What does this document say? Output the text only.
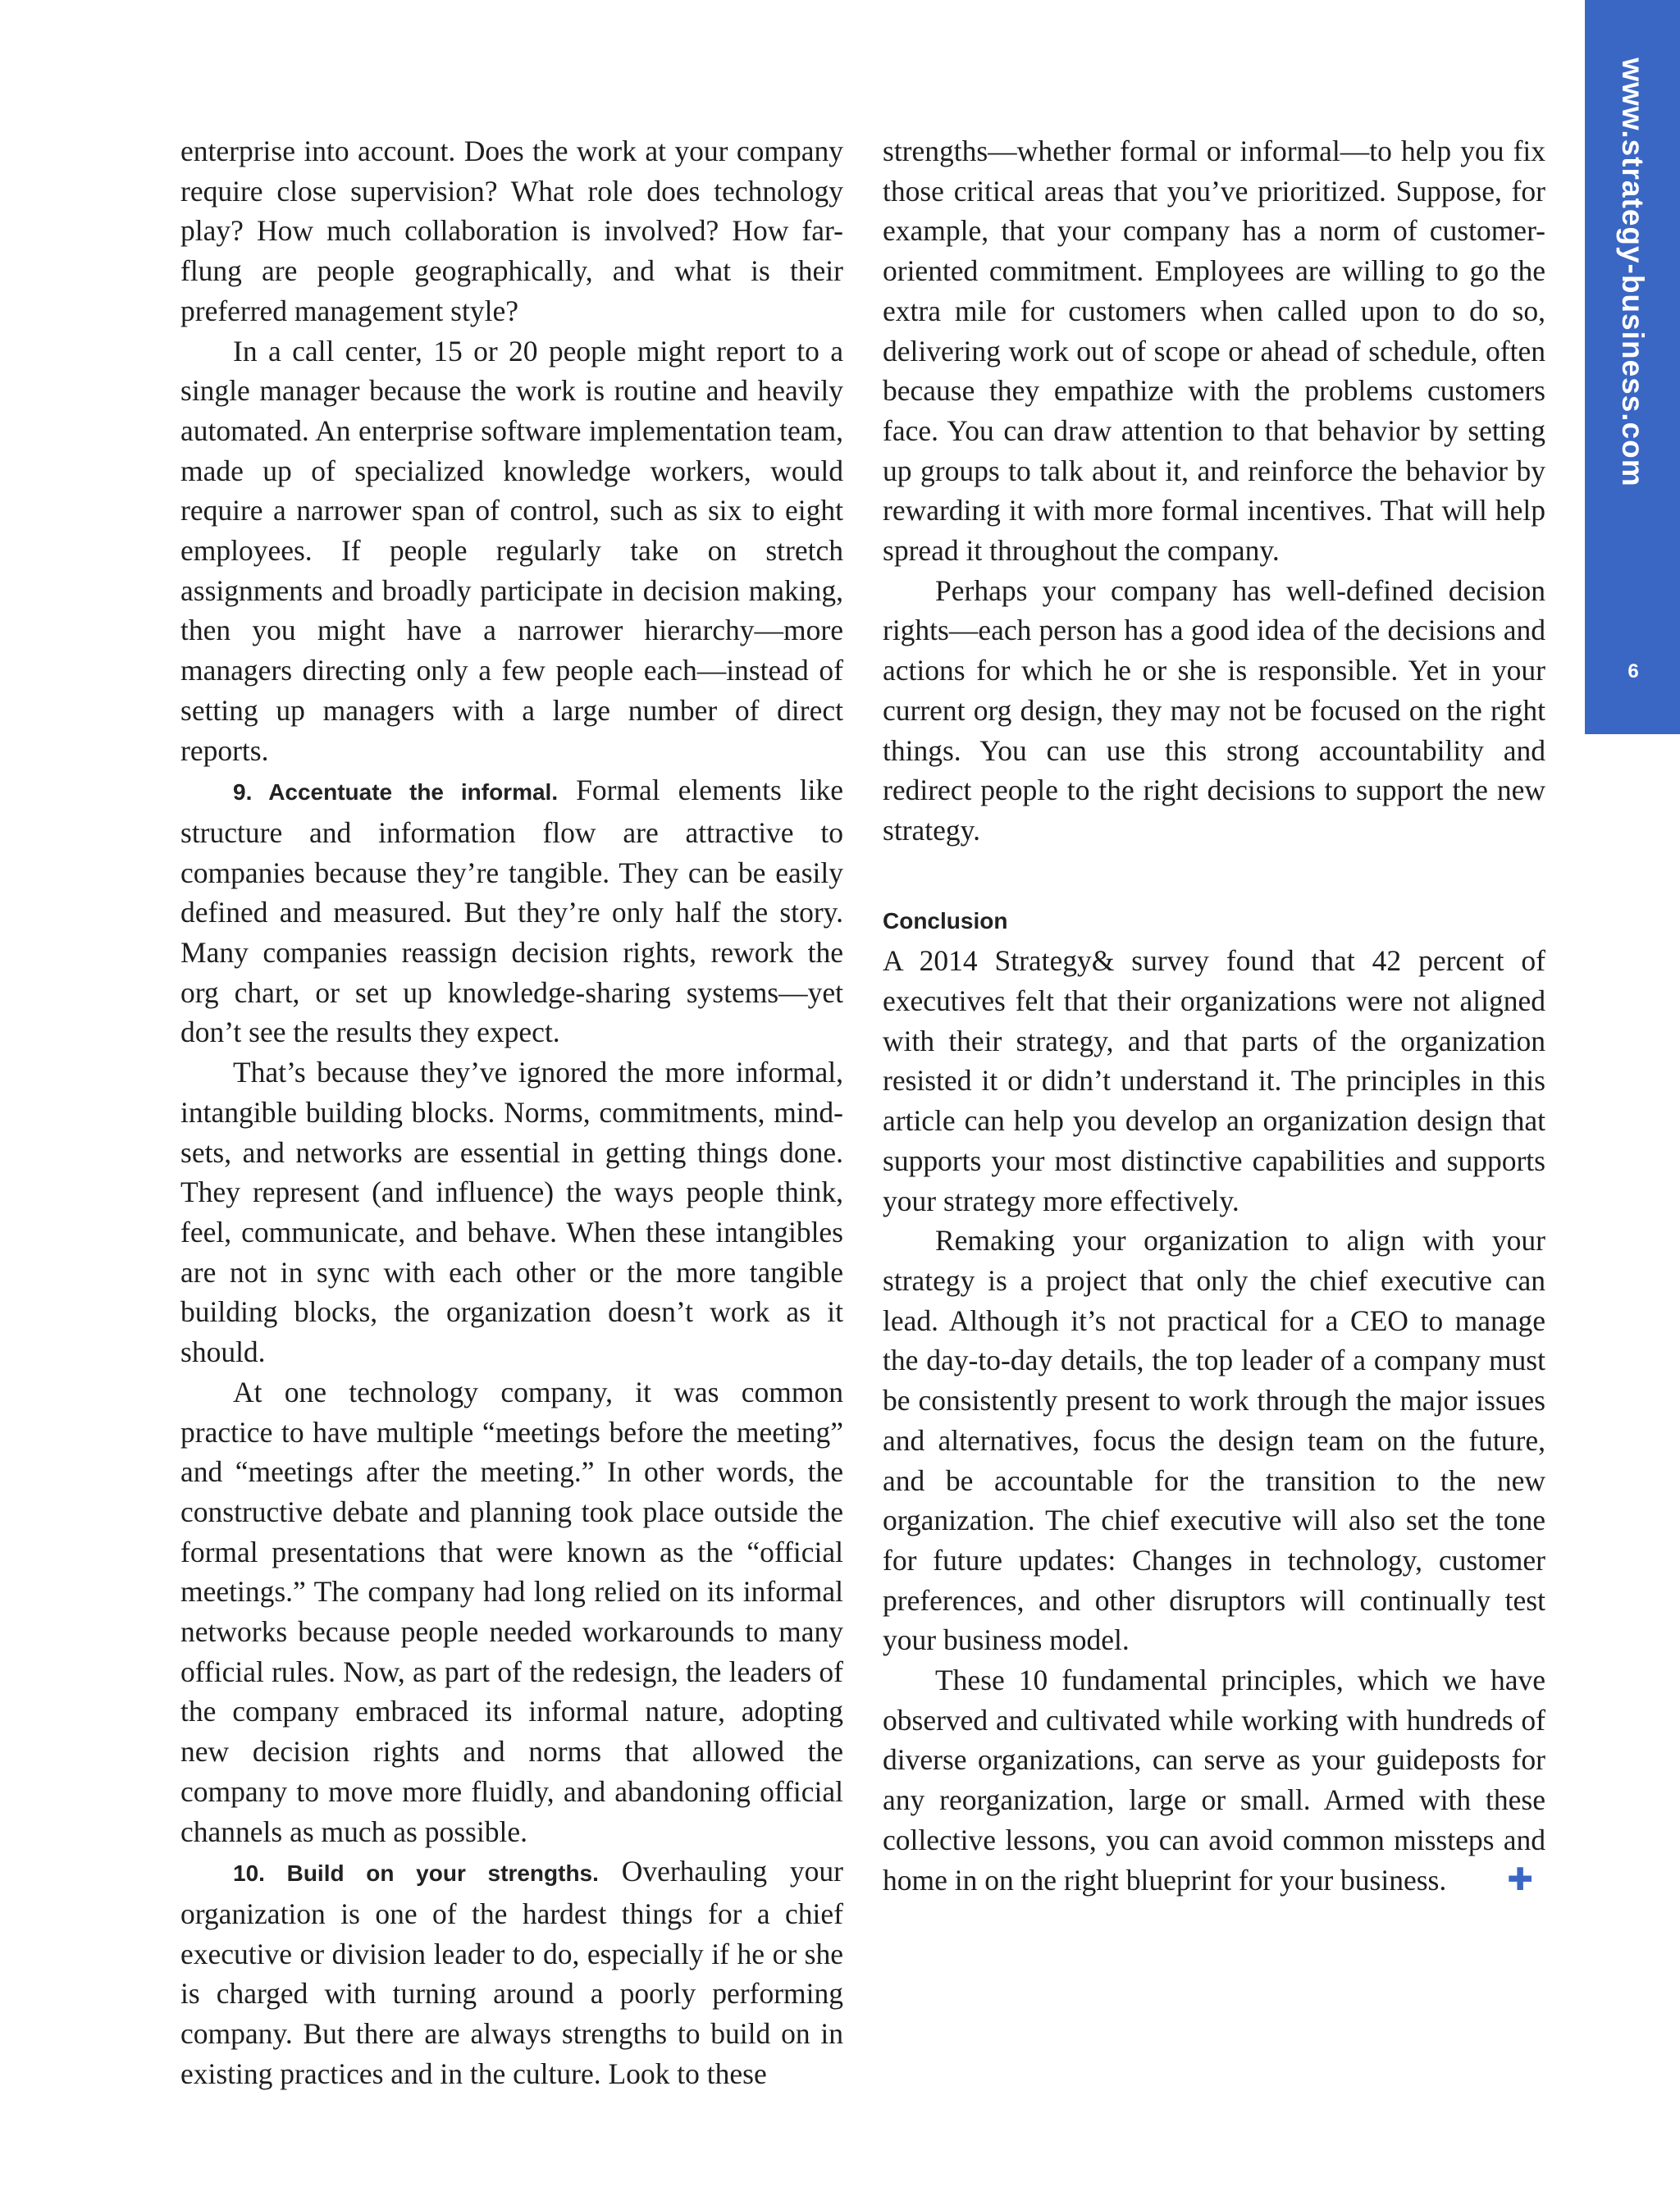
www.strategy-business.com
6

enterprise into account. Does the work at your company require close supervision? What role does technology play? How much collaboration is involved? How far-flung are people geographically, and what is their preferred management style?

In a call center, 15 or 20 people might report to a single manager because the work is routine and heavily automated. An enterprise software implementation team, made up of specialized knowledge workers, would require a narrower span of control, such as six to eight employees. If people regularly take on stretch assignments and broadly participate in decision making, then you might have a narrower hierarchy—more managers directing only a few people each—instead of setting up managers with a large number of direct reports.

9. Accentuate the informal. Formal elements like structure and information flow are attractive to companies because they’re tangible. They can be easily defined and measured. But they’re only half the story. Many companies reassign decision rights, rework the org chart, or set up knowledge-sharing systems—yet don’t see the results they expect.

That’s because they’ve ignored the more informal, intangible building blocks. Norms, commitments, mind-sets, and networks are essential in getting things done. They represent (and influence) the ways people think, feel, communicate, and behave. When these intangibles are not in sync with each other or the more tangible building blocks, the organization doesn’t work as it should.

At one technology company, it was common practice to have multiple “meetings before the meeting” and “meetings after the meeting.” In other words, the constructive debate and planning took place outside the formal presentations that were known as the “official meetings.” The company had long relied on its informal networks because people needed workarounds to many official rules. Now, as part of the redesign, the leaders of the company embraced its informal nature, adopting new decision rights and norms that allowed the company to move more fluidly, and abandoning official channels as much as possible.

10. Build on your strengths. Overhauling your organization is one of the hardest things for a chief executive or division leader to do, especially if he or she is charged with turning around a poorly performing company. But there are always strengths to build on in existing practices and in the culture. Look to these

strengths—whether formal or informal—to help you fix those critical areas that you’ve prioritized. Suppose, for example, that your company has a norm of customer-oriented commitment. Employees are willing to go the extra mile for customers when called upon to do so, delivering work out of scope or ahead of schedule, often because they empathize with the problems customers face. You can draw attention to that behavior by setting up groups to talk about it, and reinforce the behavior by rewarding it with more formal incentives. That will help spread it throughout the company.

Perhaps your company has well-defined decision rights—each person has a good idea of the decisions and actions for which he or she is responsible. Yet in your current org design, they may not be focused on the right things. You can use this strong accountability and redirect people to the right decisions to support the new strategy.

Conclusion

A 2014 Strategy& survey found that 42 percent of executives felt that their organizations were not aligned with their strategy, and that parts of the organization resisted it or didn’t understand it. The principles in this article can help you develop an organization design that supports your most distinctive capabilities and supports your strategy more effectively.

Remaking your organization to align with your strategy is a project that only the chief executive can lead. Although it’s not practical for a CEO to manage the day-to-day details, the top leader of a company must be consistently present to work through the major issues and alternatives, focus the design team on the future, and be accountable for the transition to the new organization. The chief executive will also set the tone for future updates: Changes in technology, customer preferences, and other disruptors will continually test your business model.

These 10 fundamental principles, which we have observed and cultivated while working with hundreds of diverse organizations, can serve as your guideposts for any reorganization, large or small. Armed with these collective lessons, you can avoid common missteps and home in on the right blueprint for your business. ✚
